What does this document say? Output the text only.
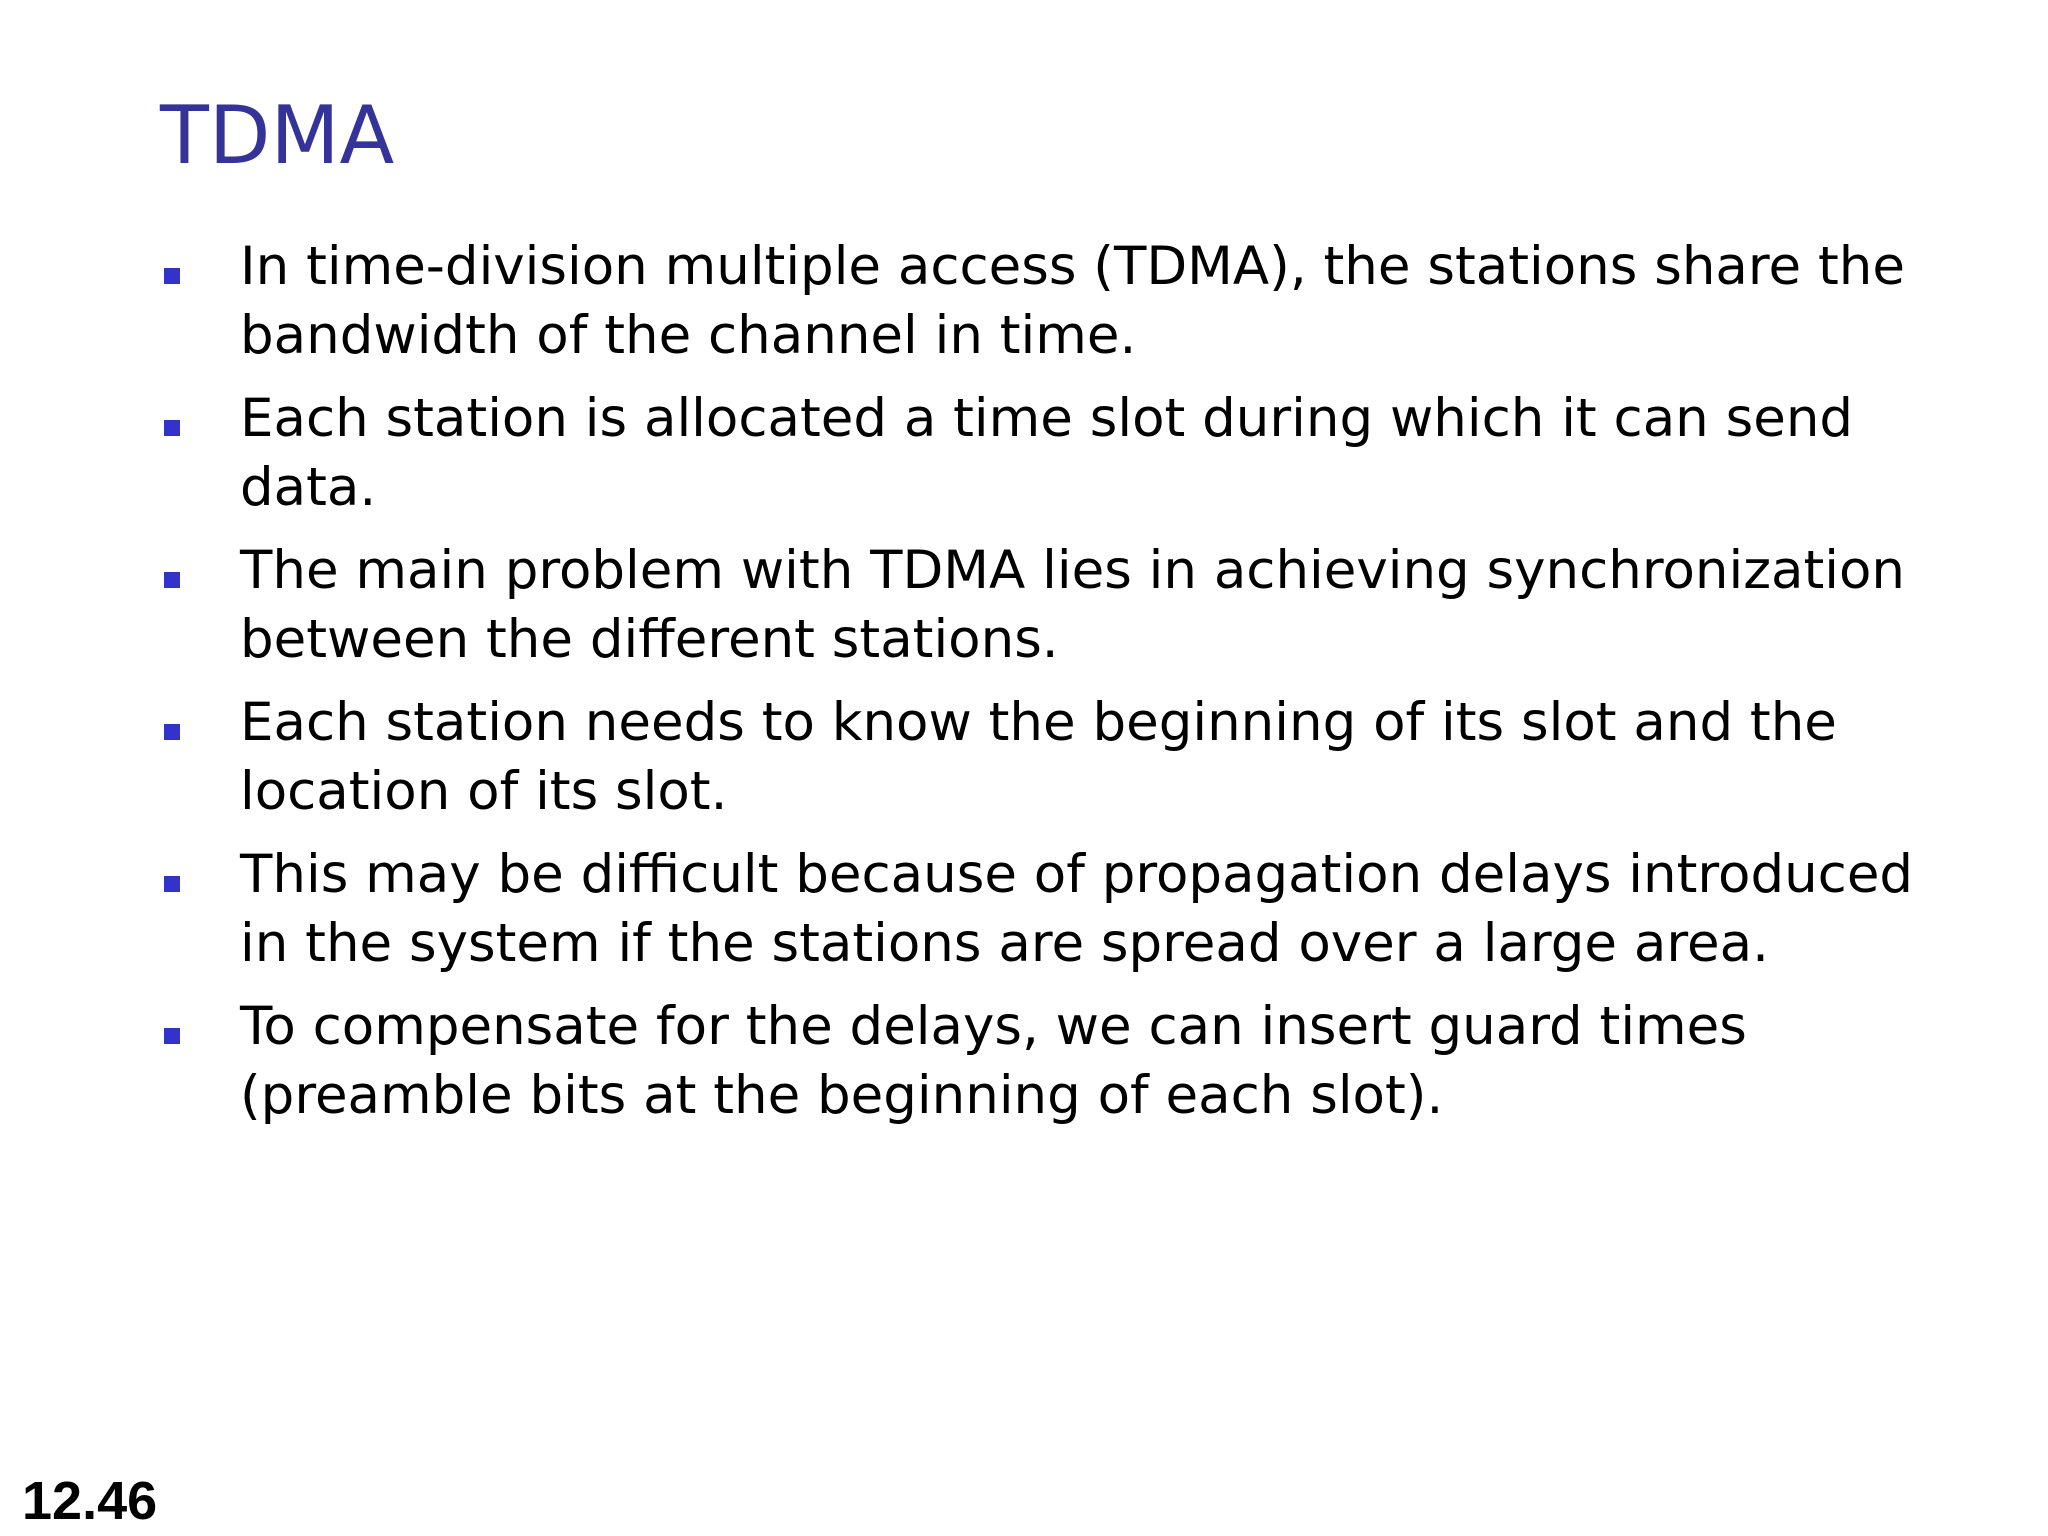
TDMA
In time-division multiple access (TDMA), the stations share the bandwidth of the channel in time.
Each station is allocated a time slot during which it can send data.
The main problem with TDMA lies in achieving synchronization between the different stations.
Each station needs to know the beginning of its slot and the location of its slot.
This may be difficult because of propagation delays introduced in the system if the stations are spread over a large area.
To compensate for the delays, we can insert guard times (preamble bits at the beginning of each slot).
12.46
